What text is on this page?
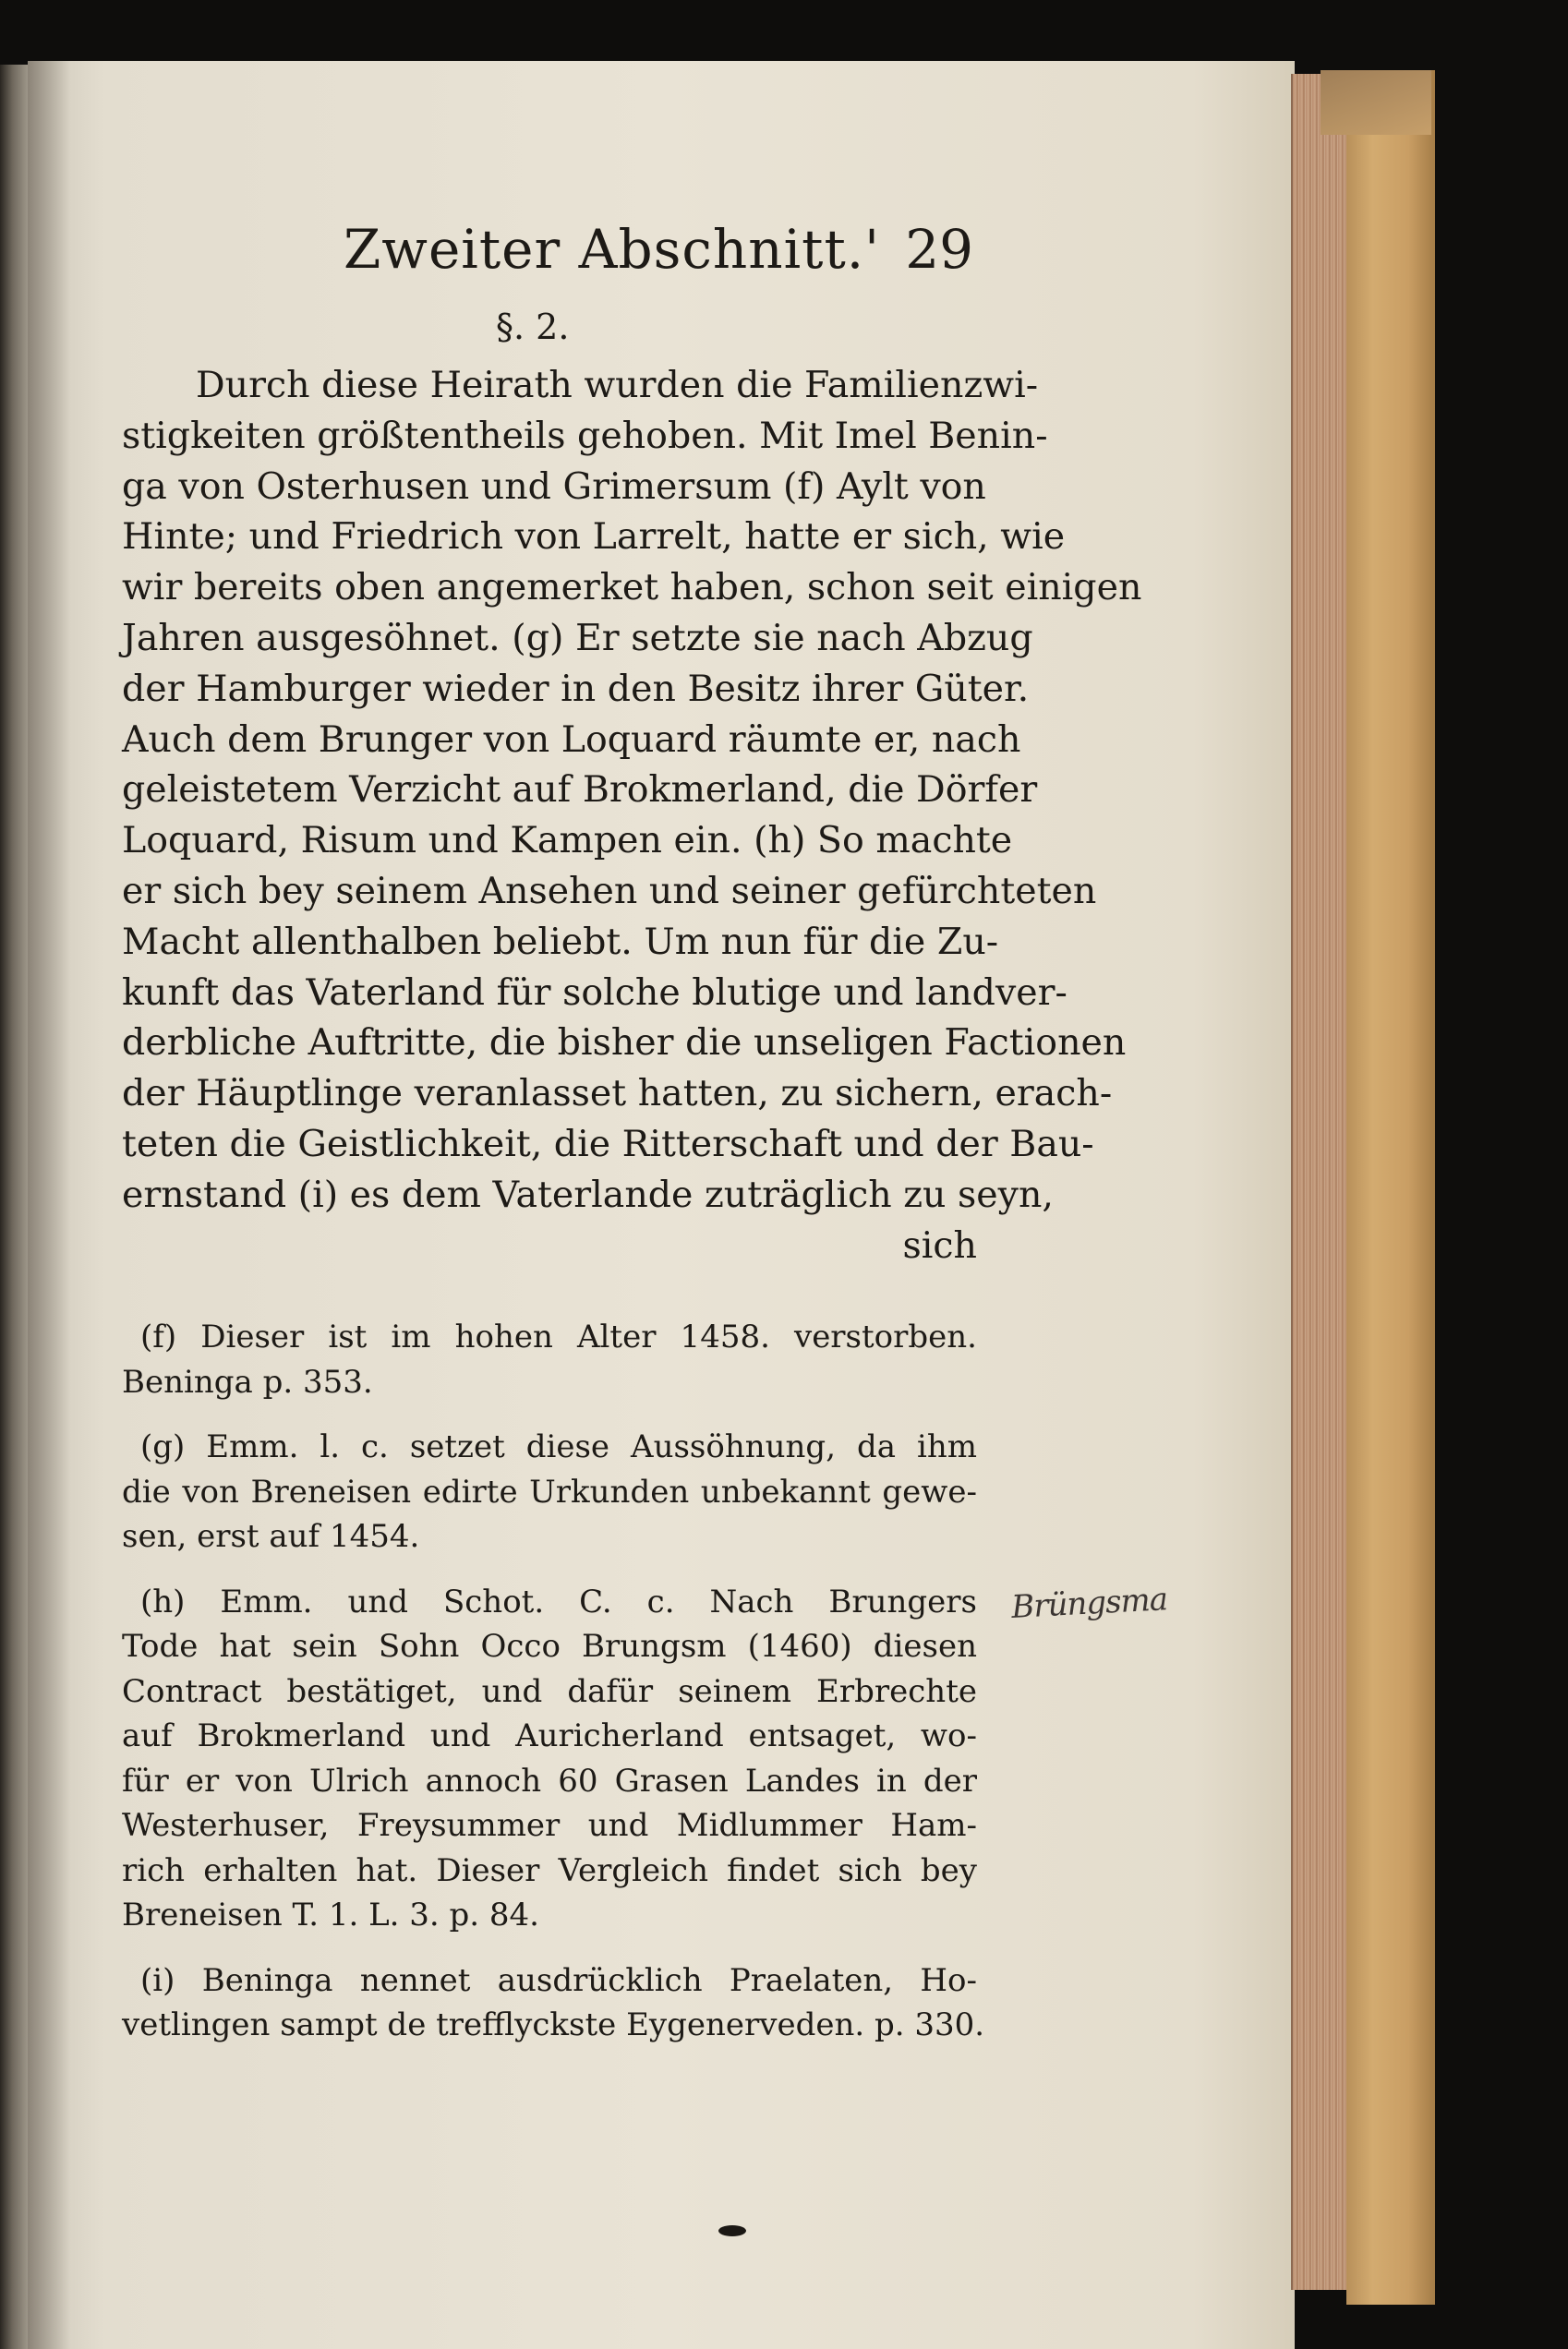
Zweiter Abschnitt.' 29
§. 2.

Durch diese Heirath wurden die Familienzwi-
stigkeiten größtentheils gehoben. Mit Imel Benin-
ga von Osterhusen und Grimersum (f) Aylt von
Hinte; und Friedrich von Larrelt, hatte er sich, wie
wir bereits oben angemerket haben, schon seit einigen
Jahren ausgesöhnet. (g) Er setzte sie nach Abzug
der Hamburger wieder in den Besitz ihrer Güter.
Auch dem Brunger von Loquard räumte er, nach
geleistetem Verzicht auf Brokmerland, die Dörfer
Loquard, Risum und Kampen ein. (h) So machte
er sich bey seinem Ansehen und seiner gefürchteten
Macht allenthalben beliebt. Um nun für die Zu-
kunft das Vaterland für solche blutige und landver-
derbliche Auftritte, die bisher die unseligen Factionen
der Häuptlinge veranlasset hatten, zu sichern, erach-
teten die Geistlichkeit, die Ritterschaft und der Bau-
ernstand (i) es dem Vaterlande zuträglich zu seyn,

sich
(f) Dieser ist im hohen Alter 1458. verstorben.
Beninga p. 353.
(g) Emm. l. c. setzet diese Aussöhnung, da ihm
die von Breneisen edirte Urkunden unbekannt gewe-
sen, erst auf 1454.
(h) Emm. und Schot. C. c. Nach Brungers
Tode hat sein Sohn Occo Brungsm (1460) diesen
Contract bestätiget, und dafür seinem Erbrechte
auf Brokmerland und Auricherland entsaget, wo-
für er von Ulrich annoch 60 Grasen Landes in der
Westerhuser, Freysummer und Midlummer Ham-
rich erhalten hat. Dieser Vergleich findet sich bey
Breneisen T. 1. L. 3. p. 84.
(i) Beninga nennet ausdrücklich Praelaten, Ho-
vetlingen sampt de trefflyckste Eygenerveden. p. 330.
Brüngsma
